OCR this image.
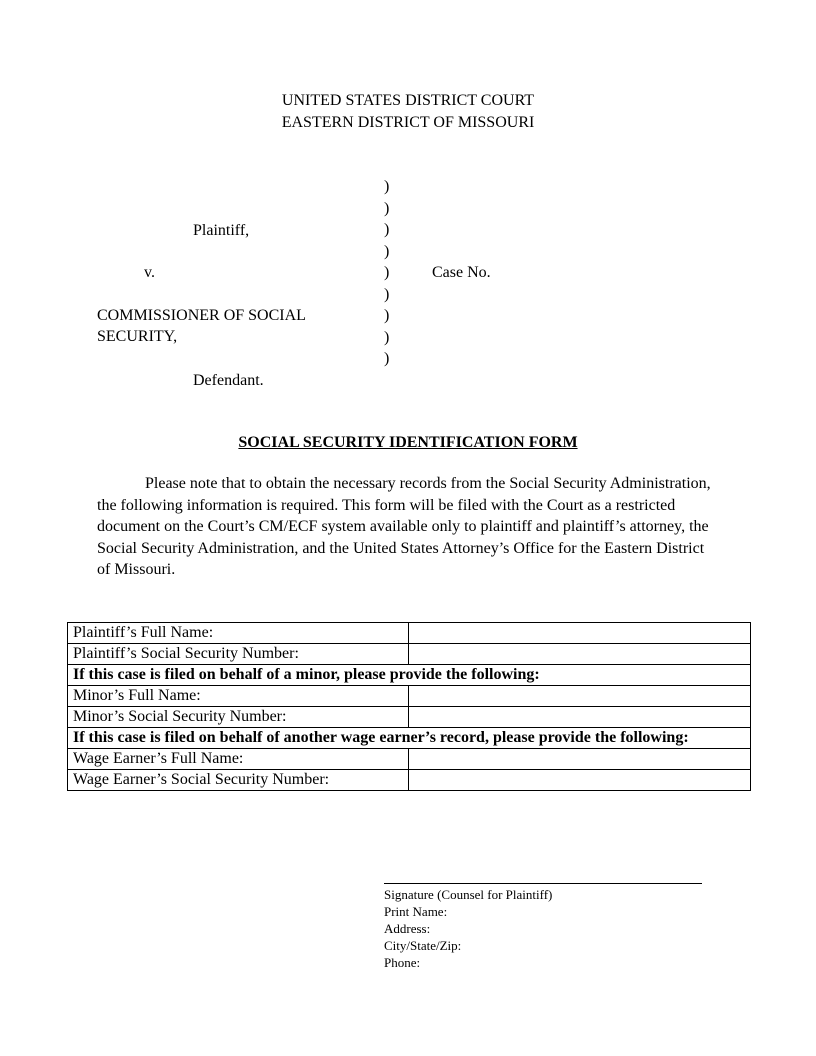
UNITED STATES DISTRICT COURT
EASTERN DISTRICT OF MISSOURI
Plaintiff,
v.
COMMISSIONER OF SOCIAL
SECURITY,
Defendant.
)
)
)
)
)
)
)
)
)
Case No.
SOCIAL SECURITY IDENTIFICATION FORM
Please note that to obtain the necessary records from the Social Security Administration, the following information is required. This form will be filed with the Court as a restricted document on the Court’s CM/ECF system available only to plaintiff and plaintiff’s attorney, the Social Security Administration, and the United States Attorney’s Office for the Eastern District of Missouri.
Plaintiff’s Full Name:	
Plaintiff’s Social Security Number:	
If this case is filed on behalf of a minor, please provide the following:	
Minor’s Full Name:	
Minor’s Social Security Number:	
If this case is filed on behalf of another wage earner’s record, please provide the following:	
Wage Earner’s Full Name:	
Wage Earner’s Social Security Number:	
Signature (Counsel for Plaintiff)
Print Name:
Address:
City/State/Zip:
Phone:
